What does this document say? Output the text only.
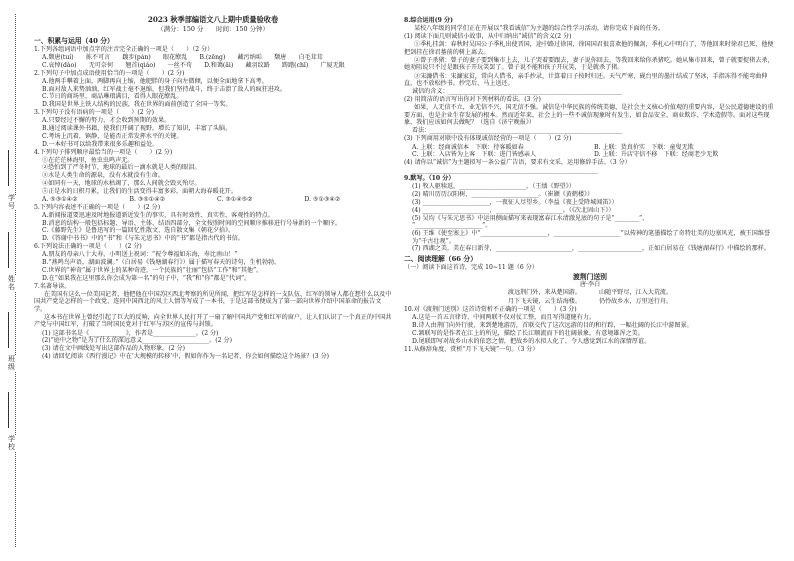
学号
姓名
班级
学校
2023 秋季部编语文八上期中质量验收卷
（满分：150 分　　时间：150 分钟）
一、积累与运用（40 分）
1.下列各组词语中加点字的注音完全正确的一项是（　　）（2 分）
A.颓唐(tuí)　　拣不可言　　踱步(pán)　　眼花缭乱　　B.(zēng)　　藏污纳垢　　颓唐　　白毛茸茸
C.哀悼(dào)　　无可奈何　　翘首(qiáo)　　一丝不苟　　D.和蔼(ǎi)　　藏羽纹路　　踌躇(chī)　　广厦无限
2.下列句子中加点成语使用恰当的一项是（　　）(2 分)
A.他两手攀着上面，两脚再向上缩，他肥胖的身子向左微倾，以便全面地拿下高考。
B.面对敌人来势汹汹，红军战士毫不退缩，但我们坚持战斗，终于击溃了敌人的疯狂进攻。
C.节日的商场里，商品琳琅满目，看得人眼花缭乱。
D.我国是世界上铁人结构的民族，我在世界的面前创造了全国一等奖。
3.下列句子没有语病的一项是（　　）(2 分)
A.只要经过不懈的努力，才会收到预期的效果。
B.通过阅读课外书籍，使我们开阔了视野，增长了知识，丰富了头脑。
C.考场上沉着，镇静，是能否正常发挥水平的关键。
D.一本好书可以给我带来很多乐趣和益处。
4.下列句子排列顺序最恰当的一项是（　　）(2 分)
①在茫茫林海里，鱼虫虫鸣声无。
②恐怕到了严冬时节，地球的最后一滴水就是人类的眼泪。
③水是人类生命的源泉，没有水就没有生命。
④如同有一天，地球的水枯竭了，那么人间就会毁灭殆尽。
⑤正是水的日积月累，让我们的生活变得丰富多彩，面朝大海春暖花开。
A. ⑤③①④②	B. ③⑤①④②	C. ③①④⑤②	D. ⑤①③④②
5.下列内容表述不正确的一项是（　　）(2 分)
A.新闻报道要迅速及时地报道新近发生的事实，具有时效性、真实性、客观性的特点。
B.消息的结构一般包括标题、导语、主体、结语四部分，全文按照时间的空间顺序推移进行号导新的一个顺序。
C.《藤野先生》是鲁迅写的一篇回忆性散文，选自散文集《朝花夕拾》。
D.《答谢中书书》中的“书”和《与朱元思书》中的“书”都是指古代的书信。
6.下列说法正确的一项是（　　）(2 分)
A.朋友的母亲八十大寿，小明送上祝词：“祝令尊福如东海，寿比南山！”
B.“燕鸣鸟声语，湖面波澜。”（白居易《钱塘湖春行》）属于描写春天的诗句，生机勃勃。
C.世界的“神奇”属于世界上的某种奇迹，一个民族的“壮丽”包括“工作”和“其他”。
D.在“如果我在这里那么你会成为第一名”的句子中，“我”和“你”都是“代词”。
7.名著导读。
在美国有这么一位美国记者，他把他在中国苏区西北考察的所见所闻，把红军是怎样的一支队伍、红军的领导人都在想什么以及中国共产党是怎样的一个政党，连同中国西北的风土人情等写成了一本书，于是这部书便成为了第一部向世界介绍中国革命的报告文学。
这本书在世界上曾经引起了巨大的反响，向全世界人民打开了一扇了解中国共产党和红军的窗户，让人们认识了一个真正的中国共产党与中国红军，打破了当时国民党对于红军与苏区的宣传与封锁。
(1) 这部书名是《____________》，作者是______________。(2 分)
(2)“庭中之物”是为了什么的深远意义______________________。(2 分)
(3) 请在文中画线处写出这部作品的人物形象。(2 分)
(4) 请回忆阅读《西行漫记》中在‘大规模的转移’中，假如你作为一名记者，你会如何描绘这个场景？(3 分)
8.综合运用(9 分)
某校八年级的同学们正在开展以“我看诚信”为主题的综合性学习活动，请你完成下面的任务。
(1) 阅读下面几则诚信小故事，从中归纳出“诚信”的含义(2 分)
①季札挂剑：春秋时吴国公子季札出使晋国，途中路过徐国，徐国国君很喜欢他的佩剑，季札心中明白了，等他回来时徐君已死，他便把剑挂在徐君墓前的树上离去。
②曾子杀猪：曾子的妻子要到集市上去，儿子哭着要跟去，妻子说你回去，等我回来给你杀猪吃。她从集市回来，曾子就要捉猪去杀，她劝阻说只不过是跟孩子开玩笑罢了。曾子说不能和孩子开玩笑，于是就杀了猪。
③宋濂借书：宋濂家贫，常向人借书，亲手抄录，计算着日子按时归还。天气严寒，砚台里的墨汁结成了坚冰，手指冻得不能弯曲伸直，也不放松抄书。抄完后，马上送还。
诚信的含义：_________________________________________________________
(2) 用简洁的语言写出你对下列材料的看法。(3 分)
如果，人无信不立，业无信不兴，国无信不强。诚信是中华民族的传统美德，是社会主义核心价值观的重要内容，是公民道德建设的重要方面，也是企业生存发展的根本。然而近年来，社会上的一些不诚信现象时有发生，如食品安全、商业欺诈、学术造假等。面对这些现象，我们应该如何去做呢？（选自《济宁晚报》）
看法：_______________________________________________________________
(3) 下列商用对联中没有体现诚信经营的一项是（　　）(2 分)
A. 上联：经商诚信本　下联：待客暖如春	B. 上联：货真价实　下联：童叟无欺
C. 上联：入店皆为上客　下联：进门皆感亲人	D. 上联：升店守信不移　下联：经商老少无欺
(4) 请你以“诚信”为主题拟写一条公益广告语，要求有文采，运用修辞手法。（3 分）
_____________________________________________________________
9.默写。（10 分）
(1) 牧人驱犊返，______________________。（王绩《野望》）
(2) 晴川历历汉阳树，______________________。（崔颢《黄鹤楼》）
(3) ______________________，一夜征人尽望乡。（李益《夜上受降城闻笛》）
(4) ______________________，______________________。（《次北固山下》）
(5) 吴均《与朱元思书》中运用侧面描写来表现富春江水清澈见底的句子是“________”，
“______________________”。
(6) 王维《使至塞上》中“______________________，______________________”以传神的笔墨描绘了奇特壮美的边塞风光，被王国维誉为“千古壮观”。
(7) 西湖之美，美在春日新芽，_________________________，_____________________，正如白居易在《钱塘湖春行》中描绘的那样。
二、阅读理解（66 分）
（一）阅读下面这首诗，完成 10~11 题（6 分）
渡荆门送别
唐·李白
渡远荆门外，来从楚国游。	山随平野尽，江入大荒流。
月下飞天镜，云生结海楼。	仍怜故乡水，万里送行舟。
10.对《渡荆门送别》这首诗赏析不正确的一项是（　　）(3 分)
A.这是一首五言律诗，中间两联不仅对仗工整，而且写得道健有力。
B.诗人由荆门向外行驶，来到楚地游历，首联交代了这次远游的目的和行踪，一幅壮阔的长江中游图景。
C.颔联写的是作者在江上的所见，描绘了长江顺流而下的壮阔景象，有意境雄浑之美。
D.尾联即写对故乡山水的依恋之情，把故乡的水拟人化了，令人感觉到江水的深情厚谊。
11.从修辞角度，赏析“月下飞天镜”一句。（3 分）
